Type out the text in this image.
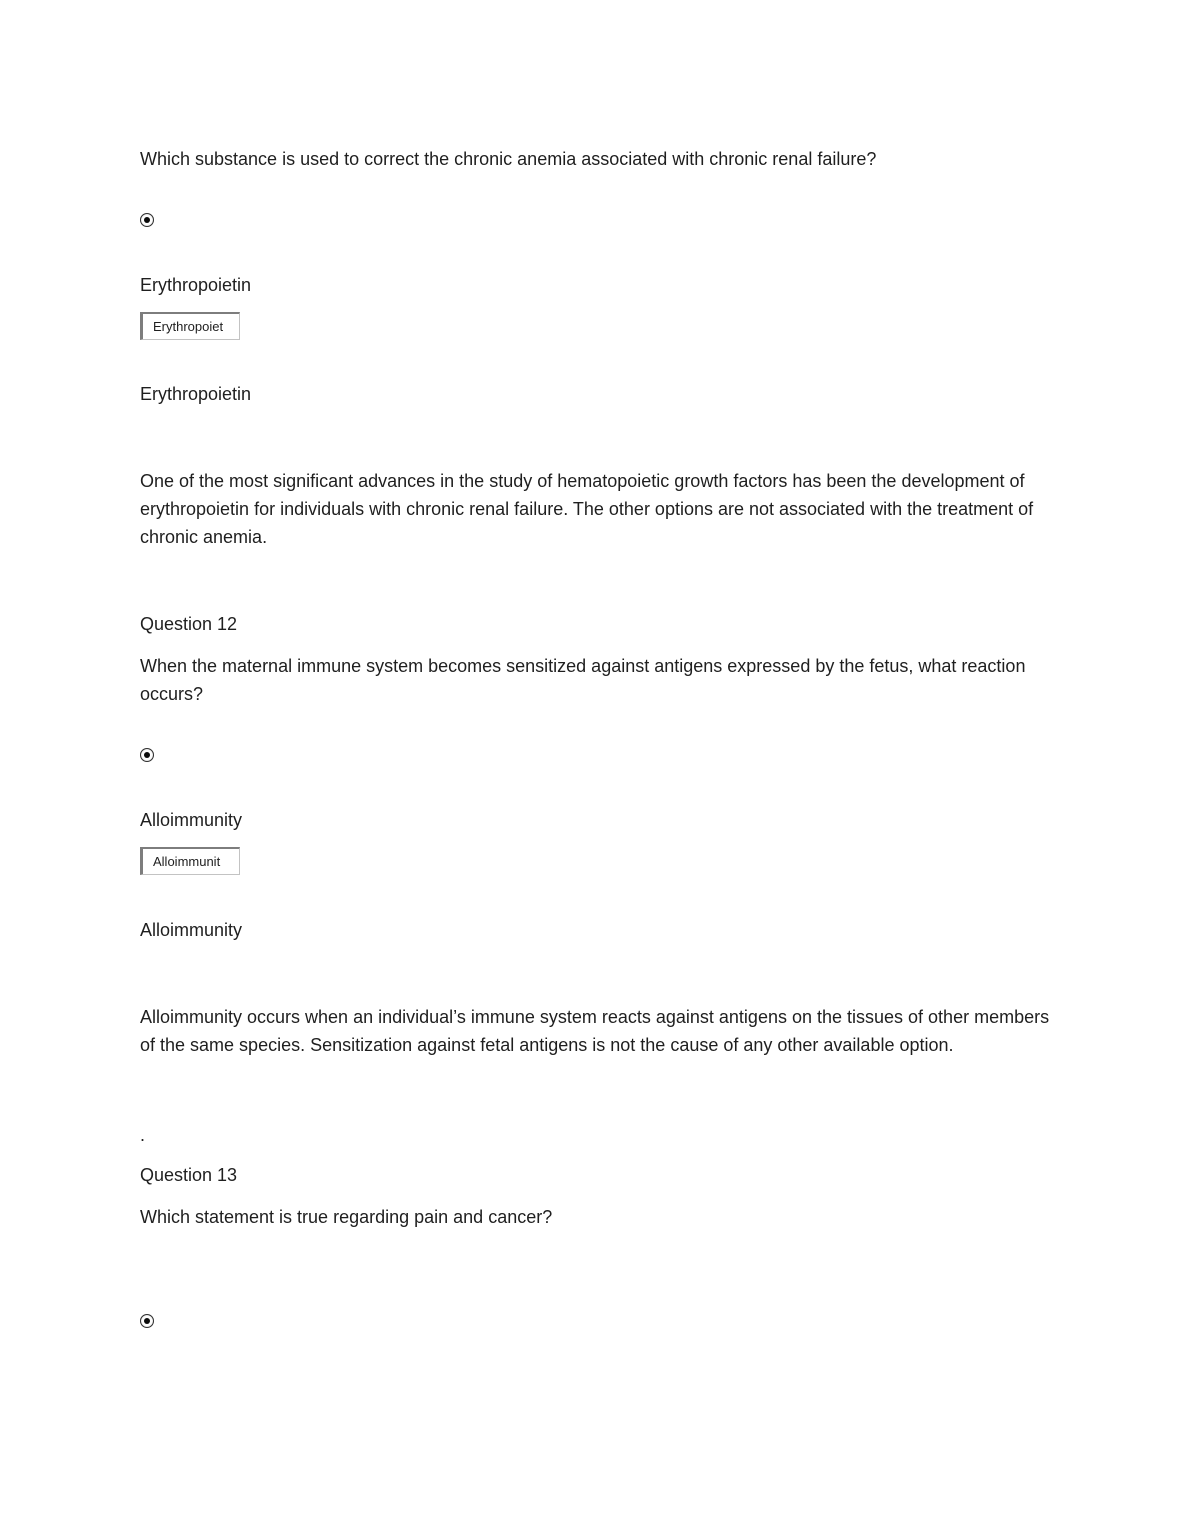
Which substance is used to correct the chronic anemia associated with chronic renal failure?

Erythropoietin

Erythropoiet

Erythropoietin

One of the most significant advances in the study of hematopoietic growth factors has been the development of erythropoietin for individuals with chronic renal failure. The other options are not associated with the treatment of chronic anemia.

Question 12

When the maternal immune system becomes sensitized against antigens expressed by the fetus, what reaction occurs?

Alloimmunity

Alloimmunit

Alloimmunity

Alloimmunity occurs when an individual’s immune system reacts against antigens on the tissues of other members of the same species. Sensitization against fetal antigens is not the cause of any other available option.

.

Question 13

Which statement is true regarding pain and cancer?
